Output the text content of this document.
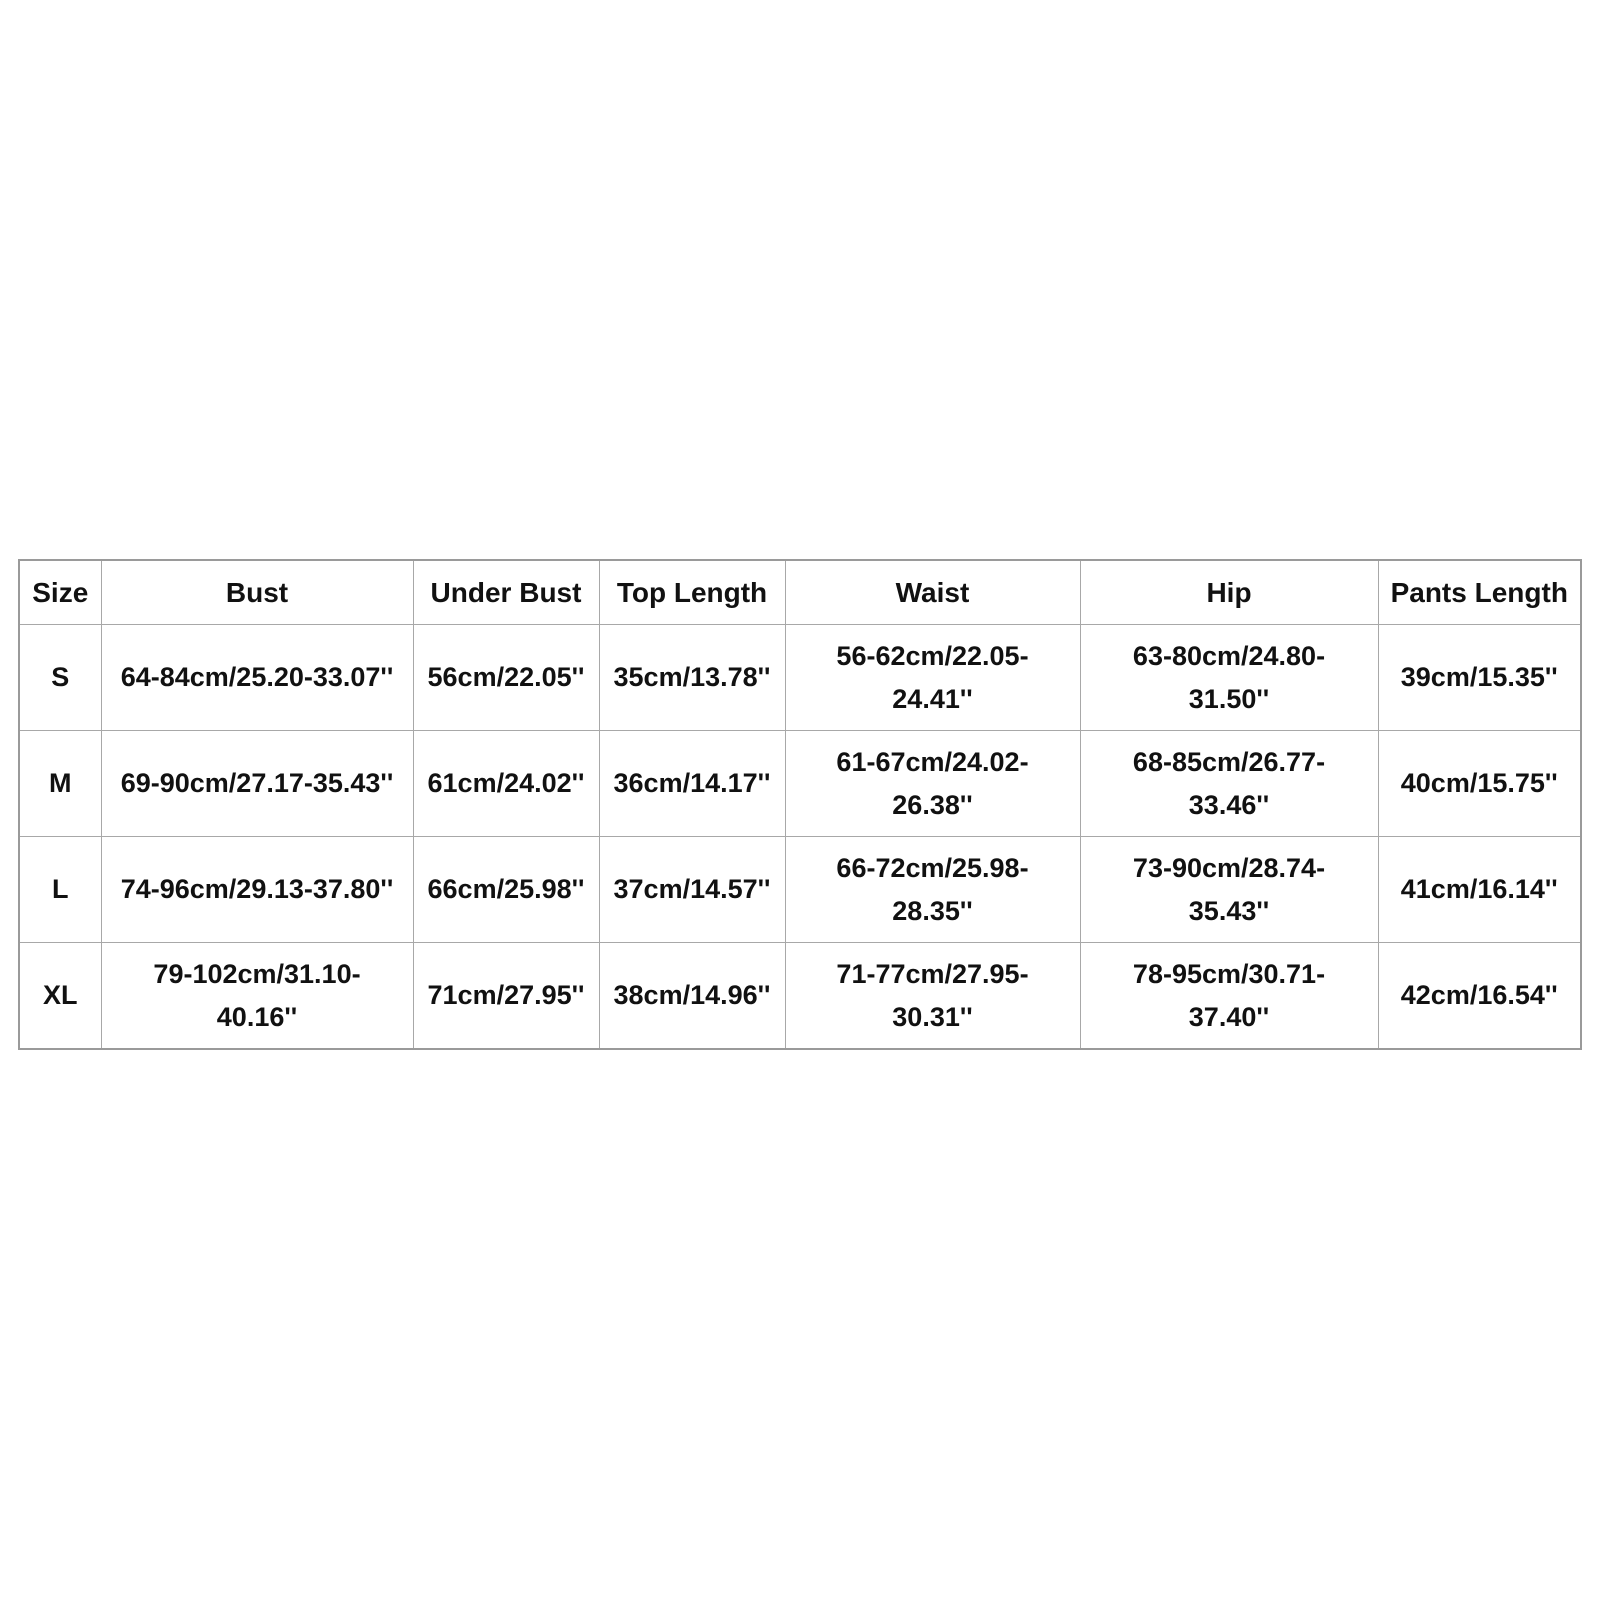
Size	Bust	Under Bust	Top Length	Waist	Hip	Pants Length
S	64-84cm/25.20-33.07''	56cm/22.05''	35cm/13.78''	56-62cm/22.05-24.41''	63-80cm/24.80-31.50''	39cm/15.35''
M	69-90cm/27.17-35.43''	61cm/24.02''	36cm/14.17''	61-67cm/24.02-26.38''	68-85cm/26.77-33.46''	40cm/15.75''
L	74-96cm/29.13-37.80''	66cm/25.98''	37cm/14.57''	66-72cm/25.98-28.35''	73-90cm/28.74-35.43''	41cm/16.14''
XL	79-102cm/31.10-40.16''	71cm/27.95''	38cm/14.96''	71-77cm/27.95-30.31''	78-95cm/30.71-37.40''	42cm/16.54''
